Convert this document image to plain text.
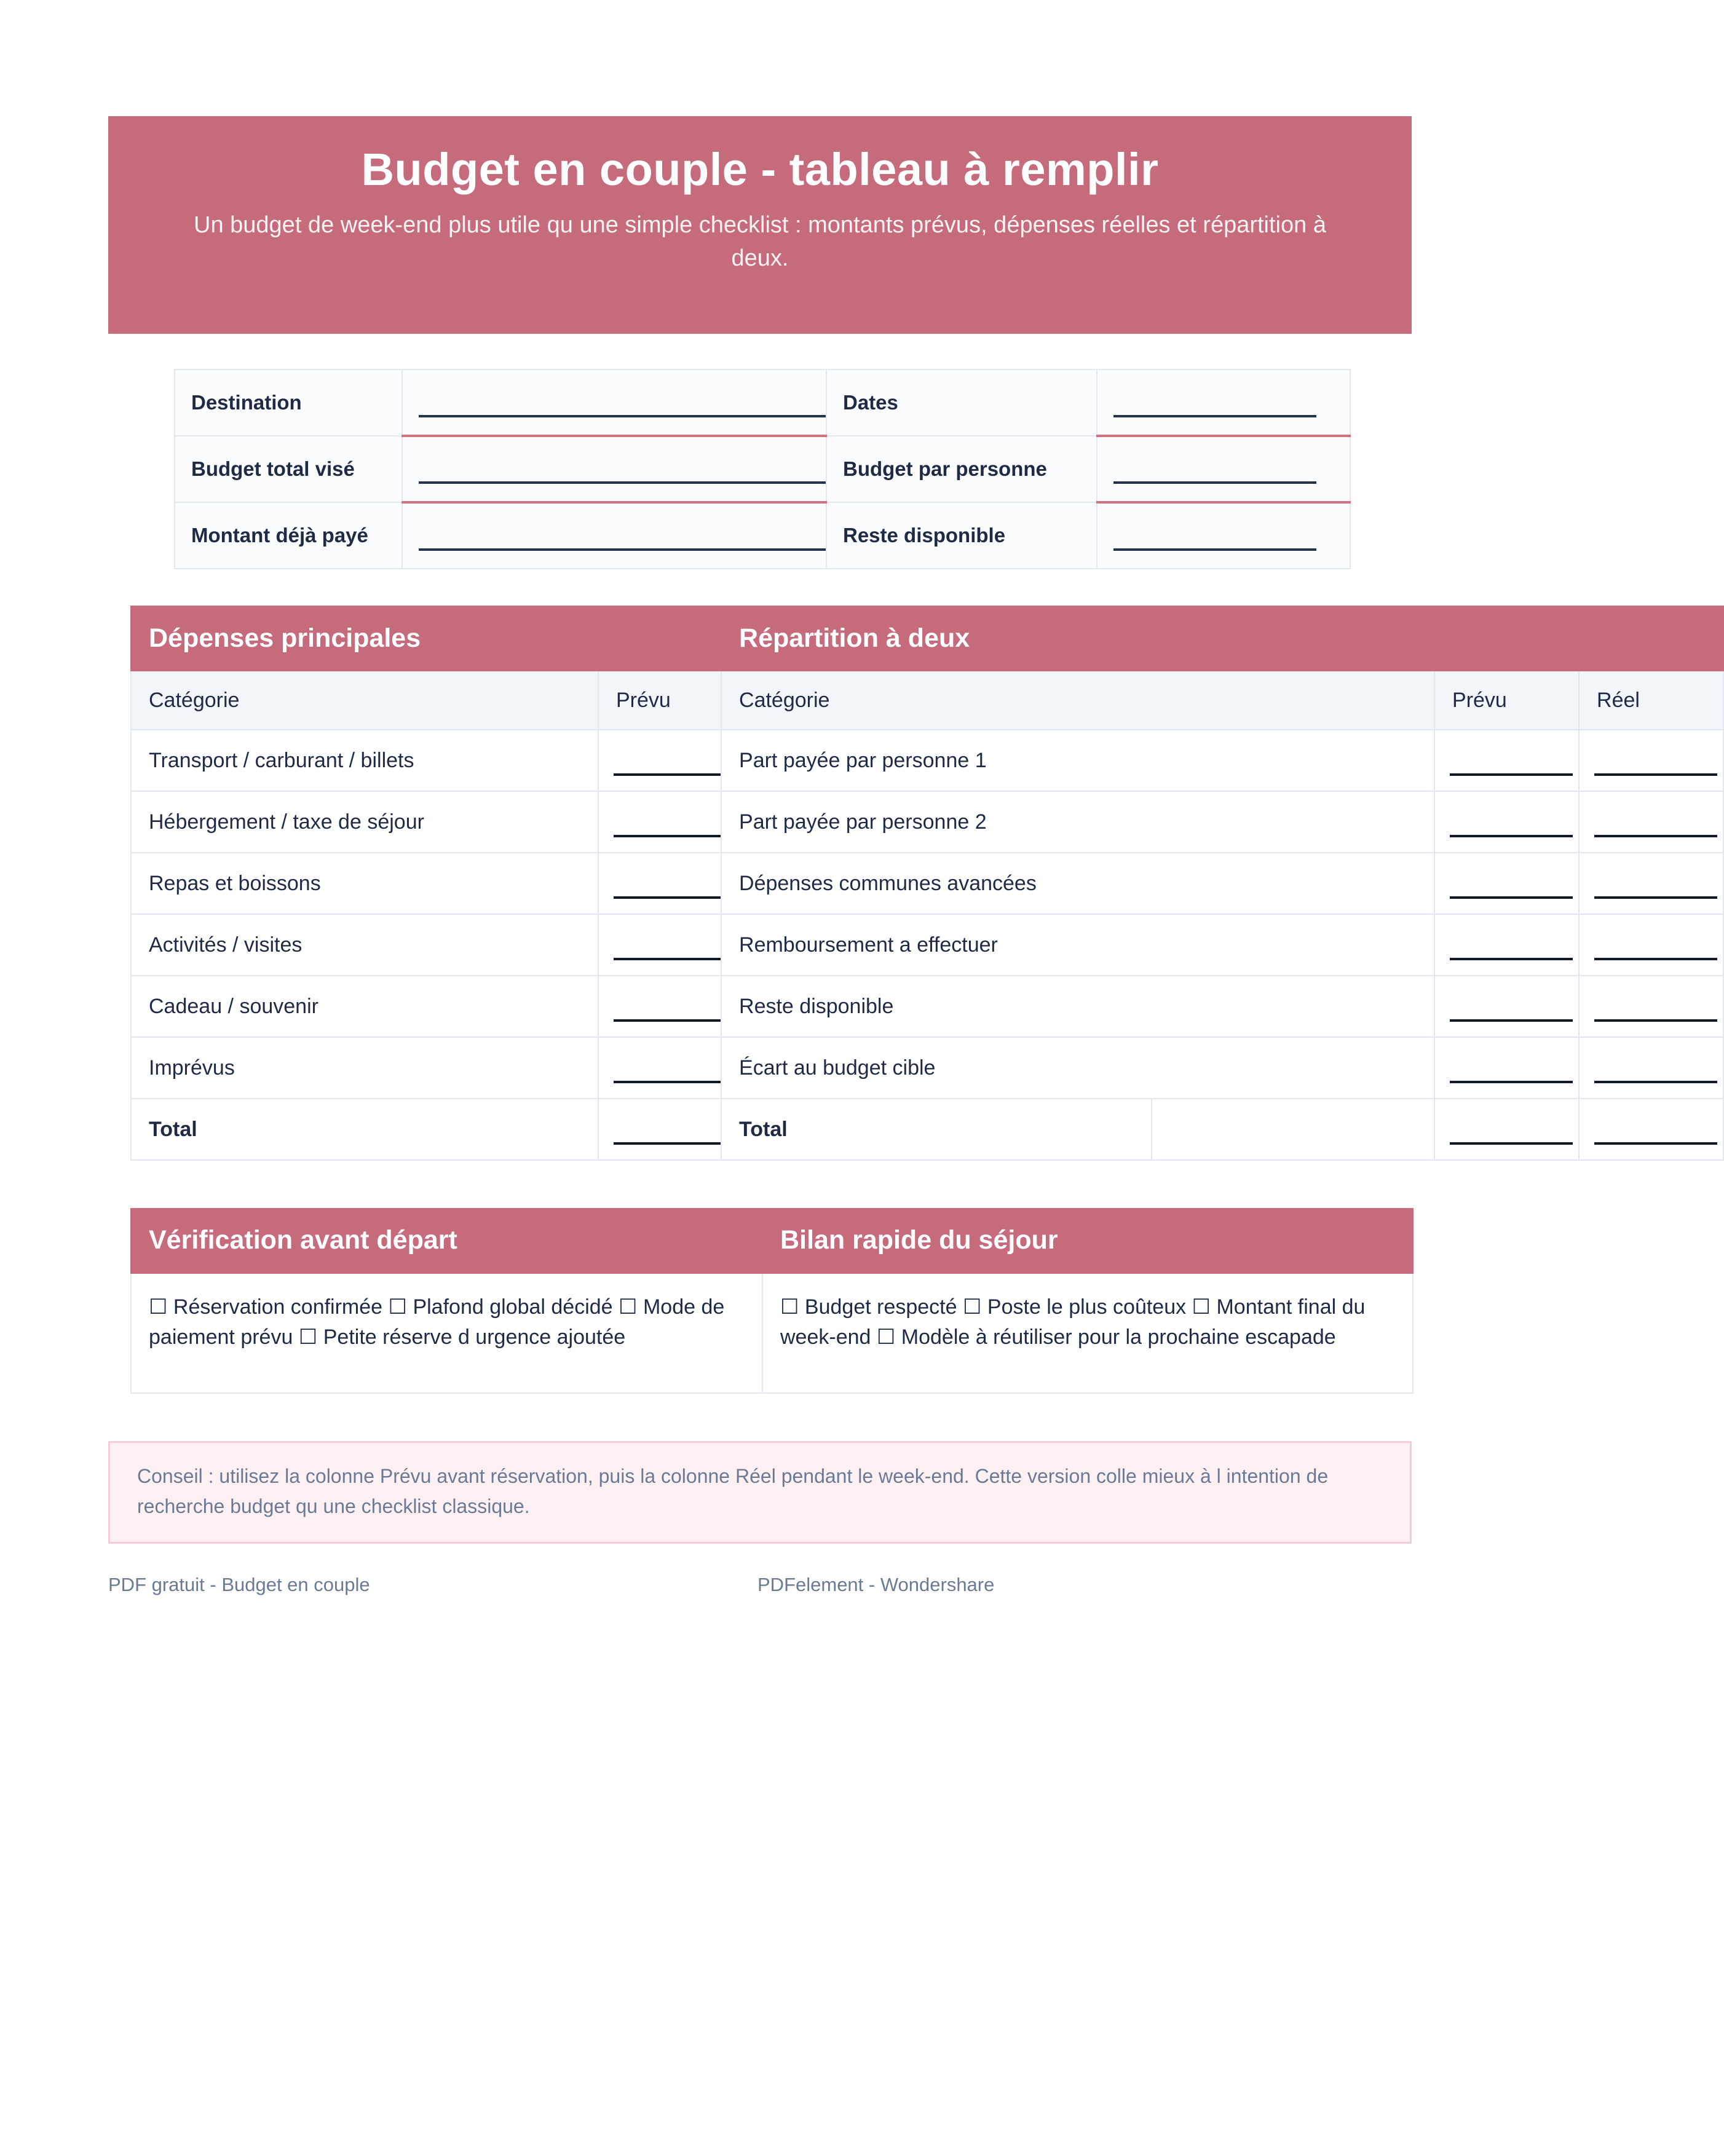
Budget en couple - tableau à remplir
Un budget de week-end plus utile qu une simple checklist : montants prévus, dépenses réelles et répartition à deux.
Destination		Dates	

Budget total visé		Budget par personne	

Montant déjà payé		Reste disponible	
Dépenses principales		Répartition à deux			
Catégorie	Prévu	Catégorie		Prévu	Réel
Transport / carburant / billets		Part payée par personne 1		

Hébergement / taxe de séjour		Part payée par personne 2		

Repas et boissons		Dépenses communes avancées		

Activités / visites		Remboursement a effectuer		

Cadeau / souvenir		Reste disponible		

Imprévus		Écart au budget cible		

Total		Total		

Vérification avant départ	Bilan rapide du séjour
☐ Réservation confirmée ☐ Plafond global décidé ☐ Mode de paiement prévu ☐ Petite réserve d urgence ajoutée	☐ Budget respecté ☐ Poste le plus coûteux ☐ Montant final du week-end ☐ Modèle à réutiliser pour la prochaine escapade

Conseil : utilisez la colonne Prévu avant réservation, puis la colonne Réel pendant le week-end. Cette version colle mieux à l intention de recherche budget qu une checklist classique.

PDF gratuit - Budget en couple	PDFelement - Wondershare
